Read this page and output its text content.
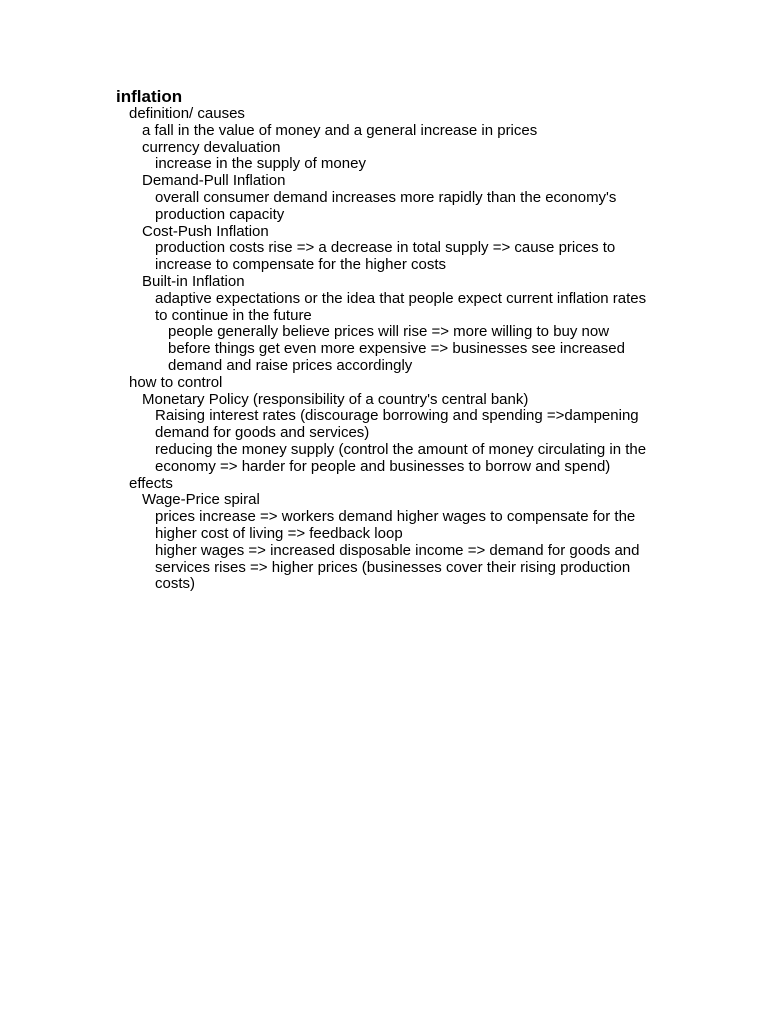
inflation
definition/ causes
a fall in the value of money and a general increase in prices
currency devaluation
increase in the supply of money
Demand-Pull Inflation
overall consumer demand increases more rapidly than the economy's production capacity
Cost-Push Inflation
production costs rise => a decrease in total supply => cause prices to increase to compensate for the higher costs
Built-in Inflation
adaptive expectations or the idea that people expect current inflation rates to continue in the future
people generally believe prices will rise => more willing to buy now before things get even more expensive => businesses see increased demand and raise prices accordingly
how to control
Monetary Policy (responsibility of a country's central bank)
Raising interest rates (discourage borrowing and spending =>dampening demand for goods and services)
reducing the money supply (control the amount of money circulating in the economy => harder for people and businesses to borrow and spend)
effects
Wage-Price spiral
prices increase => workers demand higher wages to compensate for the higher cost of living => feedback loop
higher wages => increased disposable income => demand for goods and services rises => higher prices (businesses cover their rising production costs)
